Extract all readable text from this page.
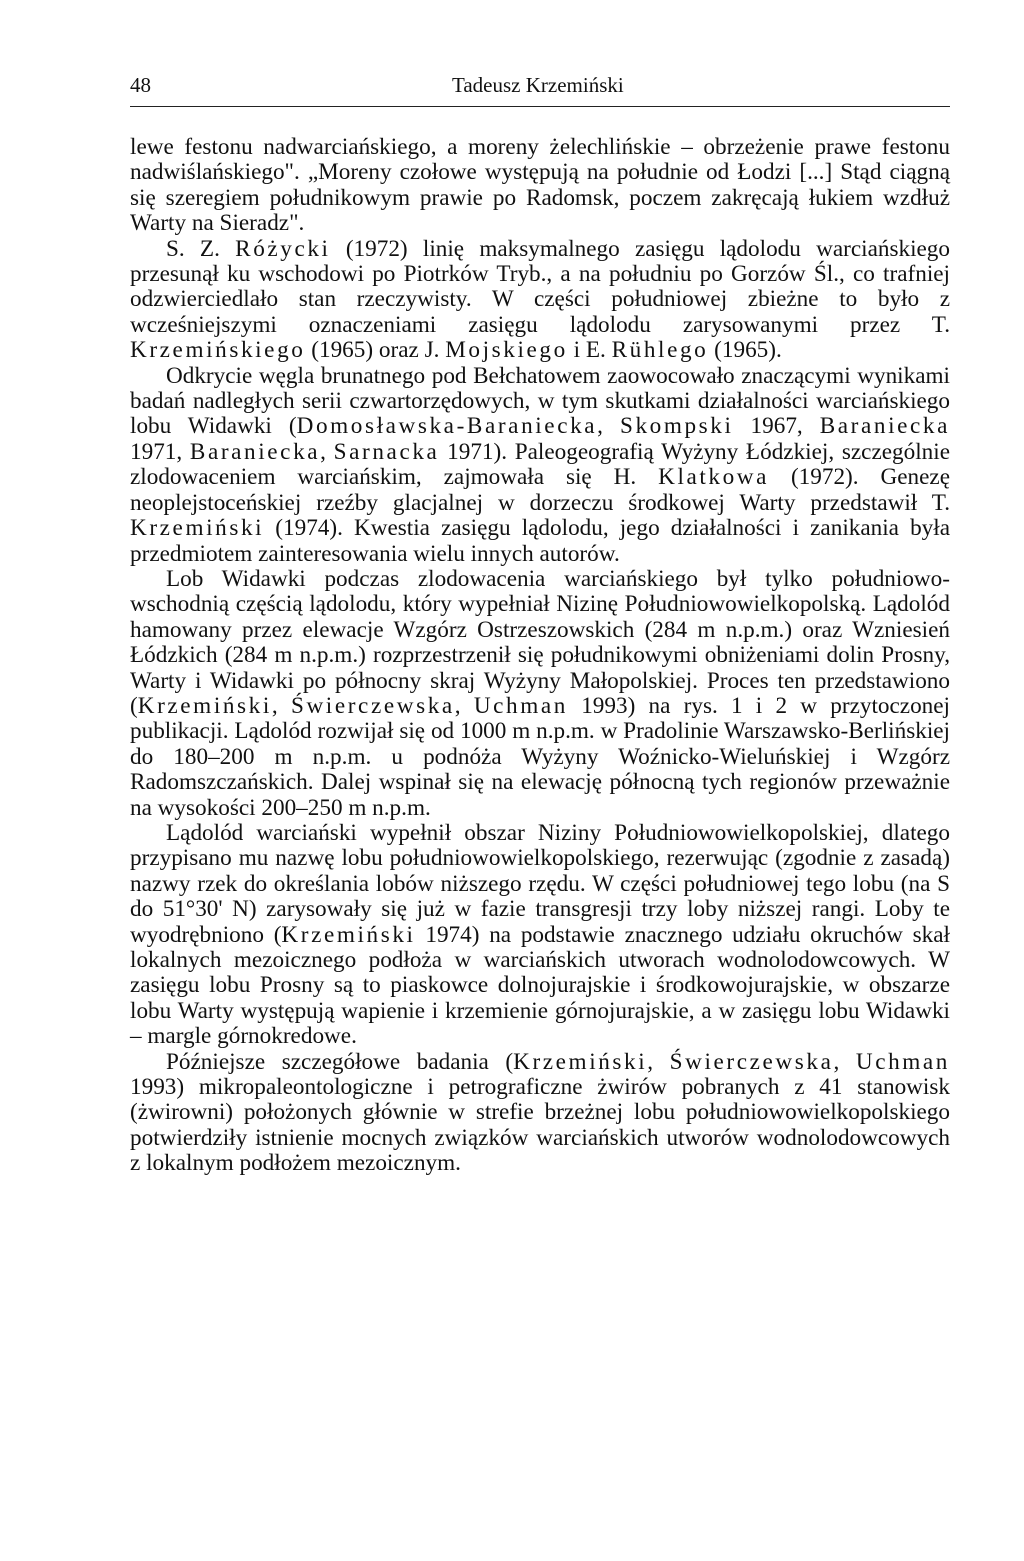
48	Tadeusz Krzemiński

lewe festonu nadwarciańskiego, a moreny żelechlińskie – obrzeżenie prawe festonu nadwiślańskiego". „Moreny czołowe występują na południe od Łodzi [...] Stąd ciągną się szeregiem południkowym prawie po Radomsk, poczem zakręcają łukiem wzdłuż Warty na Sieradz".

S. Z. Różycki (1972) linię maksymalnego zasięgu lądolodu warciańskiego przesunął ku wschodowi po Piotrków Tryb., a na południu po Gorzów Śl., co trafniej odzwierciedlało stan rzeczywisty. W części południowej zbieżne to było z wcześniejszymi oznaczeniami zasięgu lądolodu zarysowanymi przez T. Krzemińskiego (1965) oraz J. Mojskiego i E. Rühlego (1965).

Odkrycie węgla brunatnego pod Bełchatowem zaowocowało znaczącymi wynikami badań nadległych serii czwartorzędowych, w tym skutkami działalności warciańskiego lobu Widawki (Domosławska-Baraniecka, Skompski 1967, Baraniecka 1971, Baraniecka, Sarnacka 1971). Paleogeografią Wyżyny Łódzkiej, szczególnie zlodowaceniem warciańskim, zajmowała się H. Klatkowa (1972). Genezę neoplejstoceńskiej rzeźby glacjalnej w dorzeczu środkowej Warty przedstawił T. Krzemiński (1974). Kwestia zasięgu lądolodu, jego działalności i zanikania była przedmiotem zainteresowania wielu innych autorów.

Lob Widawki podczas zlodowacenia warciańskiego był tylko południowo-wschodnią częścią lądolodu, który wypełniał Nizinę Południowowielkopolską. Lądolód hamowany przez elewacje Wzgórz Ostrzeszowskich (284 m n.p.m.) oraz Wzniesień Łódzkich (284 m n.p.m.) rozprzestrzenił się południkowymi obniżeniami dolin Prosny, Warty i Widawki po północny skraj Wyżyny Małopolskiej. Proces ten przedstawiono (Krzemiński, Świerczewska, Uchman 1993) na rys. 1 i 2 w przytoczonej publikacji. Lądolód rozwijał się od 1000 m n.p.m. w Pradolinie Warszawsko-Berlińskiej do 180–200 m n.p.m. u podnóża Wyżyny Woźnicko-Wieluńskiej i Wzgórz Radomszczańskich. Dalej wspinał się na elewację północną tych regionów przeważnie na wysokości 200–250 m n.p.m.

Lądolód warciański wypełnił obszar Niziny Południowowielkopolskiej, dlatego przypisano mu nazwę lobu południowowielkopolskiego, rezerwując (zgodnie z zasadą) nazwy rzek do określania lobów niższego rzędu. W części południowej tego lobu (na S do 51°30' N) zarysowały się już w fazie transgresji trzy loby niższej rangi. Loby te wyodrębniono (Krzemiński 1974) na podstawie znacznego udziału okruchów skał lokalnych mezoicznego podłoża w warciańskich utworach wodnolodowcowych. W zasięgu lobu Prosny są to piaskowce dolnojurajskie i środkowojurajskie, w obszarze lobu Warty występują wapienie i krzemienie górnojurajskie, a w zasięgu lobu Widawki – margle górnokredowe.

Późniejsze szczegółowe badania (Krzemiński, Świerczewska, Uchman 1993) mikropaleontologiczne i petrograficzne żwirów pobranych z 41 stanowisk (żwirowni) położonych głównie w strefie brzeżnej lobu południowowielkopolskiego potwierdziły istnienie mocnych związków warciańskich utworów wodnolodowcowych z lokalnym podłożem mezoicznym.
